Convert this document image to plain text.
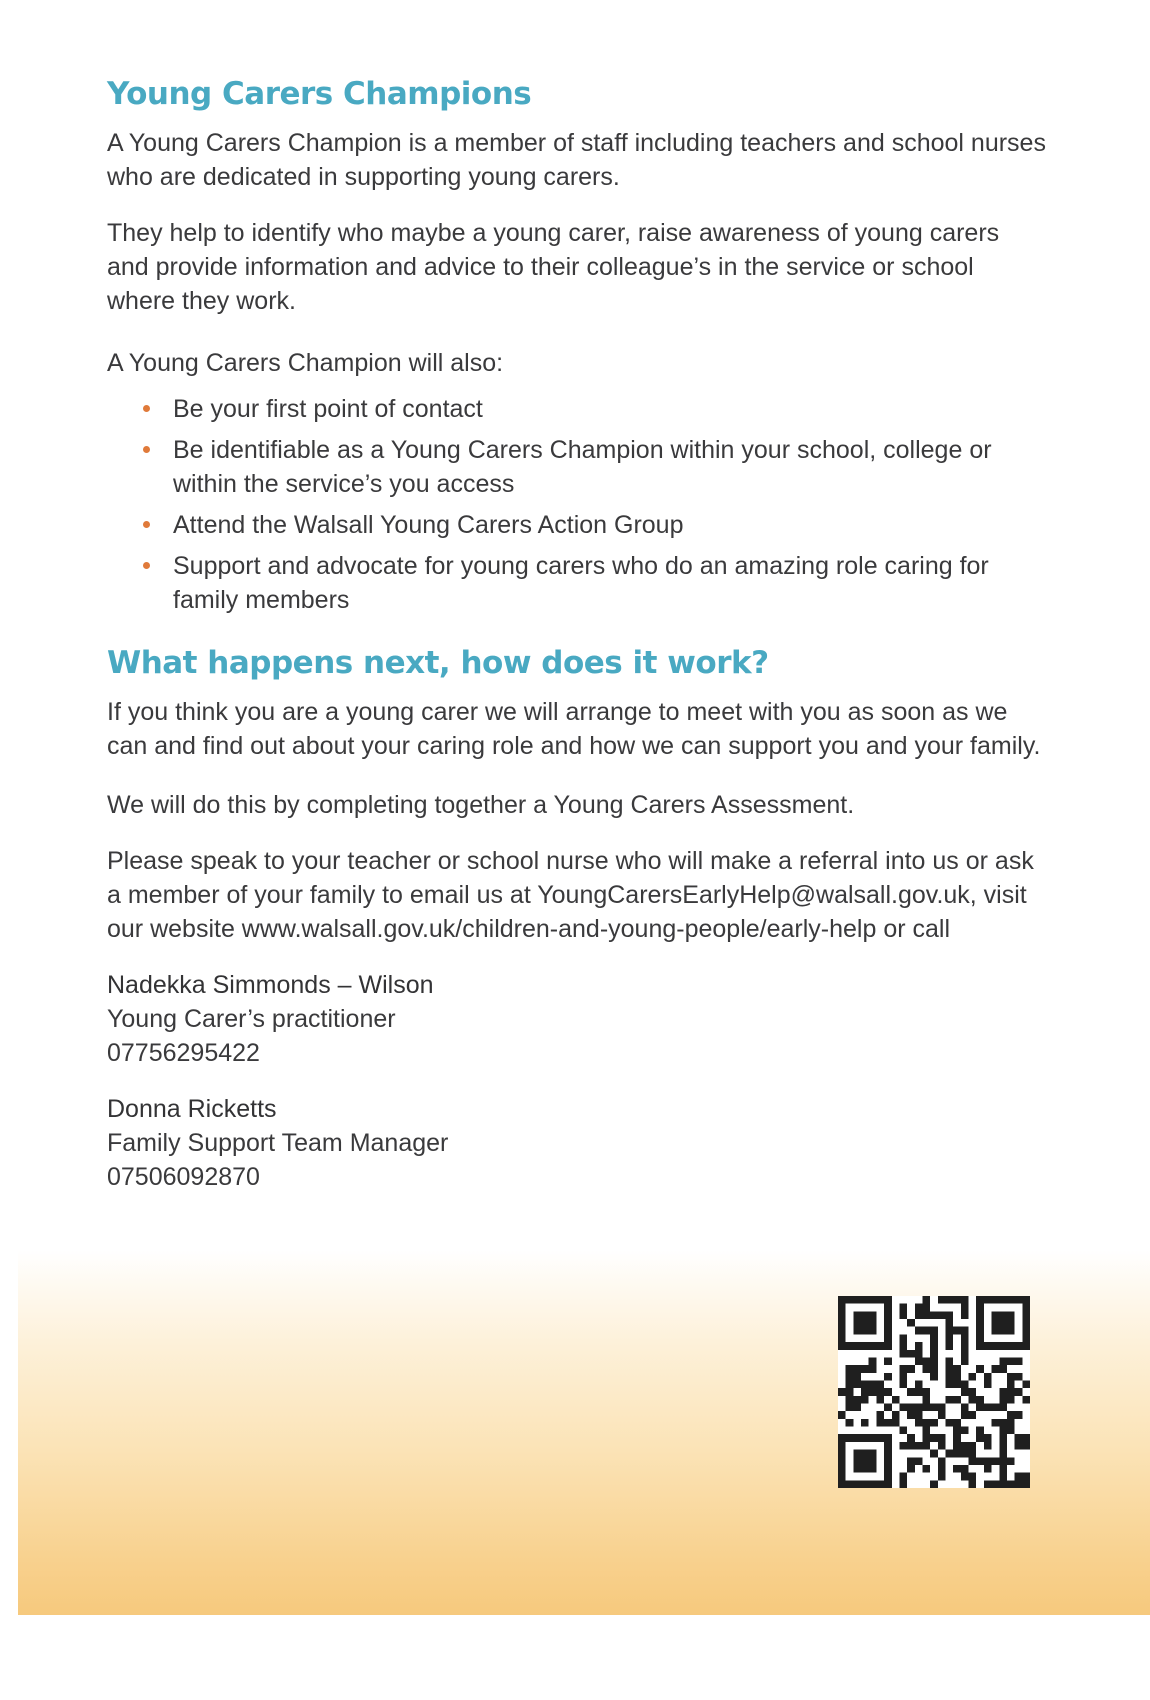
Young Carers Champions

A Young Carers Champion is a member of staff including teachers and school nurses who are dedicated in supporting young carers.

They help to identify who maybe a young carer, raise awareness of young carers and provide information and advice to their colleague’s in the service or school where they work.

A Young Carers Champion will also:

Be your first point of contact
Be identifiable as a Young Carers Champion within your school, college or within the service’s you access
Attend the Walsall Young Carers Action Group
Support and advocate for young carers who do an amazing role caring for family members
What happens next, how does it work?

If you think you are a young carer we will arrange to meet with you as soon as we can and find out about your caring role and how we can support you and your family.

We will do this by completing together a Young Carers Assessment.

Please speak to your teacher or school nurse who will make a referral into us or ask a member of your family to email us at YoungCarersEarlyHelp@walsall.gov.uk, visit our website www.walsall.gov.uk/children-and-young-people/early-help or call

Nadekka Simmonds – Wilson

Young Carer’s practitioner

07756295422

Donna Ricketts

Family Support Team Manager

07506092870
